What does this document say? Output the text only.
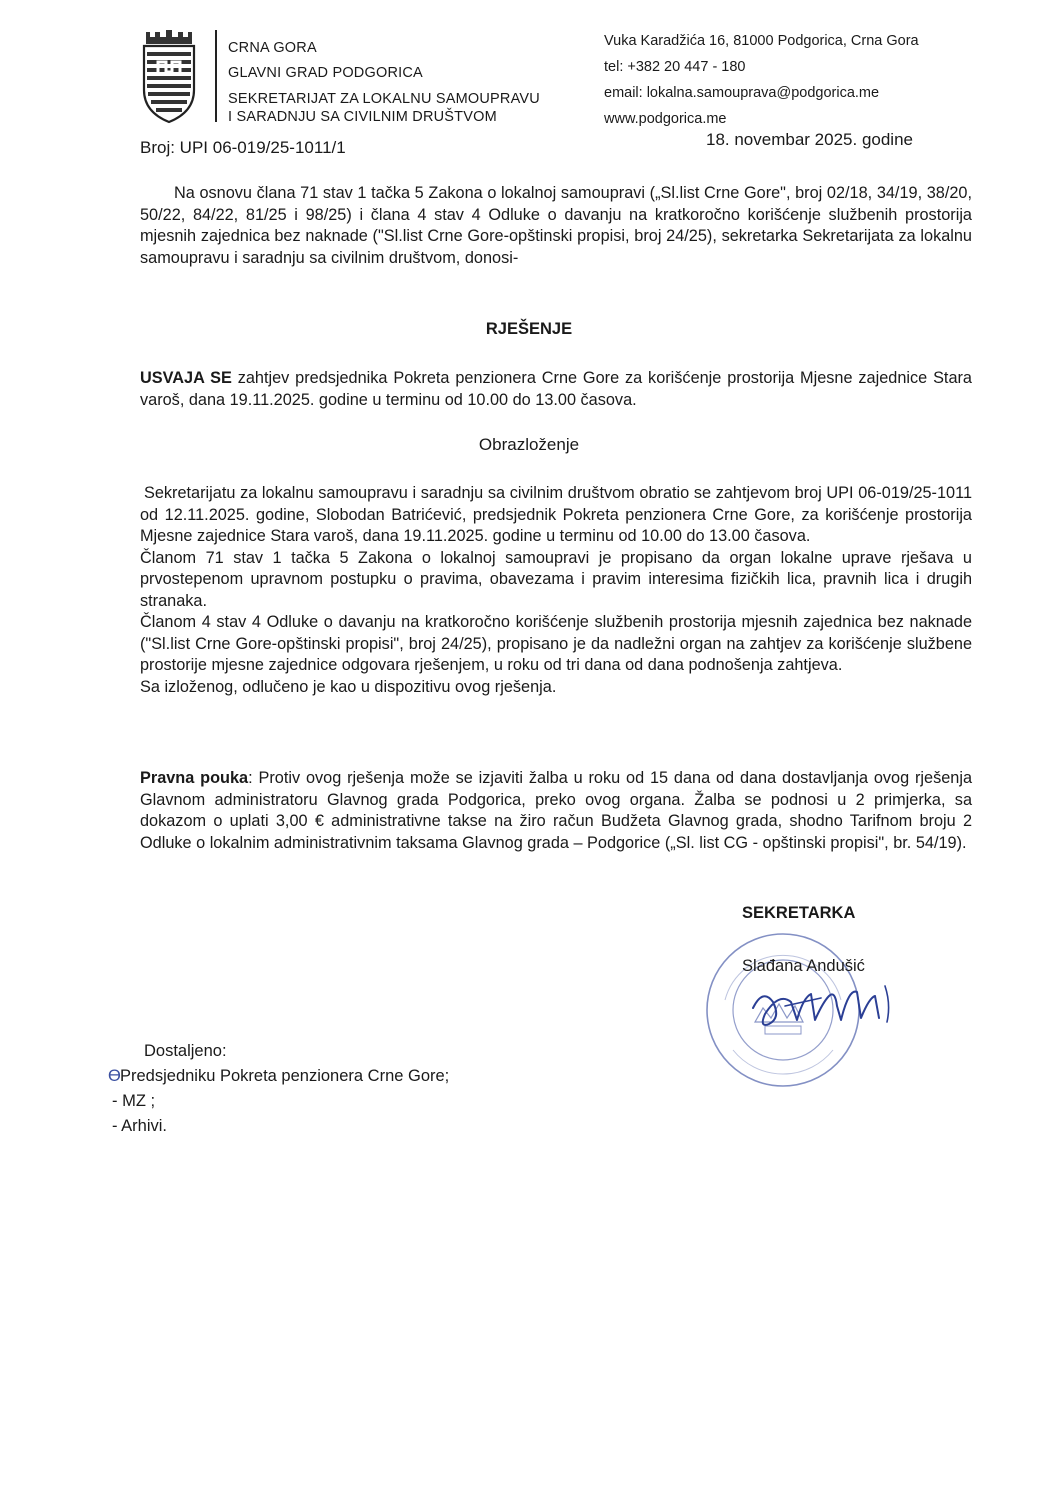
CRNA GORA
GLAVNI GRAD PODGORICA
SEKRETARIJAT ZA LOKALNU SAMOUPRAVU
I SARADNJU SA CIVILNIM DRUŠTVOM
Vuka Karadžića 16, 81000 Podgorica, Crna Gora
tel: +382 20 447 - 180
email: lokalna.samouprava@podgorica.me
www.podgorica.me
Broj: UPI 06-019/25-1011/1	18. novembar 2025. godine
Na osnovu člana 71 stav 1 tačka 5 Zakona o lokalnoj samoupravi („Sl.list Crne Gore", broj 02/18, 34/19, 38/20, 50/22, 84/22, 81/25 i 98/25) i člana 4 stav 4 Odluke o davanju na kratkoročno korišćenje službenih prostorija mjesnih zajednica bez naknade ("Sl.list Crne Gore-opštinski propisi, broj 24/25), sekretarka Sekretarijata za lokalnu samoupravu i saradnju sa civilnim društvom, donosi-
RJEŠENJE
USVAJA SE zahtjev predsjednika Pokreta penzionera Crne Gore za korišćenje prostorija Mjesne zajednice Stara varoš, dana 19.11.2025. godine u terminu od 10.00 do 13.00 časova.
Obrazloženje
Sekretarijatu za lokalnu samoupravu i saradnju sa civilnim društvom obratio se zahtjevom broj UPI 06-019/25-1011 od 12.11.2025. godine, Slobodan Batrićević, predsjednik Pokreta penzionera Crne Gore, za korišćenje prostorija Mjesne zajednice Stara varoš, dana 19.11.2025. godine u terminu od 10.00 do 13.00 časova.
Članom 71 stav 1 tačka 5 Zakona o lokalnoj samoupravi je propisano da organ lokalne uprave rješava u prvostepenom upravnom postupku o pravima, obavezama i pravim interesima fizičkih lica, pravnih lica i drugih stranaka.
Članom 4 stav 4 Odluke o davanju na kratkoročno korišćenje službenih prostorija mjesnih zajednica bez naknade ("Sl.list Crne Gore-opštinski propisi", broj 24/25), propisano je da nadležni organ na zahtjev za korišćenje službene prostorije mjesne zajednice odgovara rješenjem, u roku od tri dana od dana podnošenja zahtjeva.
Sa izloženog, odlučeno je kao u dispozitivu ovog rješenja.
Pravna pouka: Protiv ovog rješenja može se izjaviti žalba u roku od 15 dana od dana dostavljanja ovog rješenja Glavnom administratoru Glavnog grada Podgorica, preko ovog organa. Žalba se podnosi u 2 primjerka, sa dokazom o uplati 3,00 € administrativne takse na žiro račun Budžeta Glavnog grada, shodno Tarifnom broju 2 Odluke o lokalnim administrativnim taksama Glavnog grada – Podgorice („Sl. list CG - opštinski propisi", br. 54/19).
SEKRETARKA
Slađana Andušić
Dostaljeno:
ϴPredsjedniku Pokreta penzionera Crne Gore;
- MZ ;
- Arhivi.
